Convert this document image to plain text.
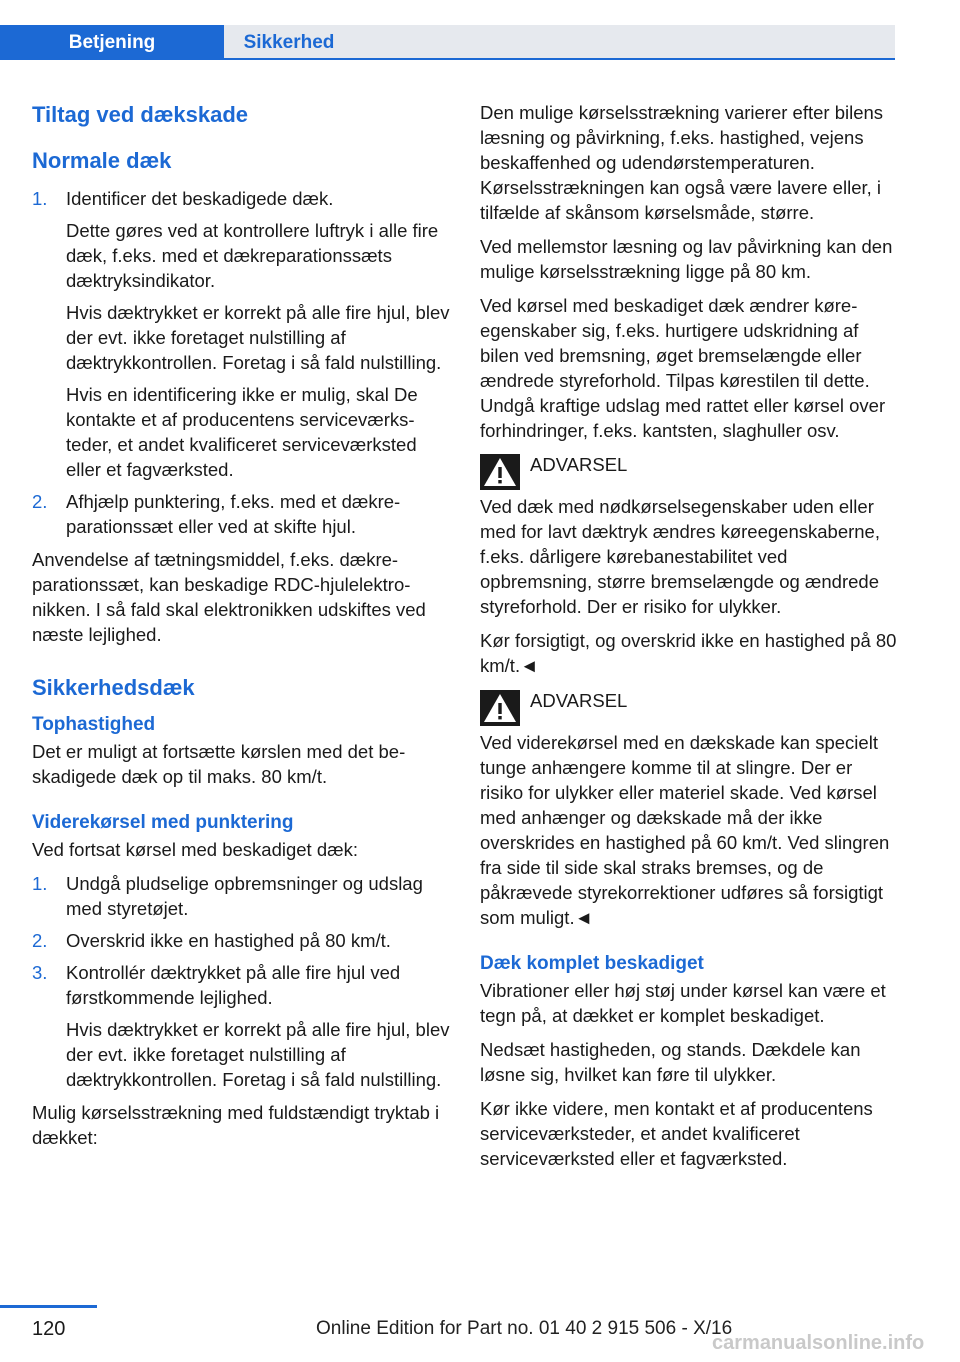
Betjening	Sikkerhed
Tiltag ved dækskade
Normale dæk
1. Identificer det beskadigede dæk.

Dette gøres ved at kontrollere luftryk i alle fire dæk, f.eks. med et dækreparationssæts dæktryksindikator.

Hvis dæktrykket er korrekt på alle fire hjul, blev der evt. ikke foretaget nulstilling af dæktrykkontrollen. Foretag i så fald nulstilling.

Hvis en identificering ikke er mulig, skal De kontakte et af producentens serviceværksteder, et andet kvalificeret serviceværksted eller et fagværksted.

2. Afhjælp punktering, f.eks. med et dækreparationssæt eller ved at skifte hjul.

Anvendelse af tætningsmiddel, f.eks. dækreparationssæt, kan beskadige RDC-hjulelektronikken. I så fald skal elektronikken udskiftes ved næste lejlighed.

Sikkerhedsdæk
Tophastighed

Det er muligt at fortsætte kørslen med det beskadigede dæk op til maks. 80 km/t.

Viderekørsel med punktering

Ved fortsat kørsel med beskadiget dæk:

1. Undgå pludselige opbremsninger og udslag med styretøjet.

2. Overskrid ikke en hastighed på 80 km/t.

3. Kontrollér dæktrykket på alle fire hjul ved førstkommende lejlighed.

Hvis dæktrykket er korrekt på alle fire hjul, blev der evt. ikke foretaget nulstilling af dæktrykkontrollen. Foretag i så fald nulstilling.

Mulig kørselsstrækning med fuldstændigt tryktab i dækket:

Den mulige kørselsstrækning varierer efter bilens læsning og påvirkning, f.eks. hastighed, vejens beskaffenhed og udendørstemperaturen. Kørselsstrækningen kan også være lavere eller, i tilfælde af skånsom kørselsmåde, større.

Ved mellemstor læsning og lav påvirkning kan den mulige kørselsstrækning ligge på 80 km.

Ved kørsel med beskadiget dæk ændrer køreegenskaber sig, f.eks. hurtigere udskridning af bilen ved bremsning, øget bremselængde eller ændrede styreforhold. Tilpas kørestilen til dette. Undgå kraftige udslag med rattet eller kørsel over forhindringer, f.eks. kantsten, slaghuller osv.

ADVARSEL

Ved dæk med nødkørselsegenskaber uden eller med for lavt dæktryk ændres køreegenskaberne, f.eks. dårligere kørebanestabilitet ved opbremsning, større bremselængde og ændrede styreforhold. Der er risiko for ulykker.

Kør forsigtigt, og overskrid ikke en hastighed på 80 km/t.◄

ADVARSEL

Ved viderekørsel med en dækskade kan specielt tunge anhængere komme til at slingre. Der er risiko for ulykker eller materiel skade. Ved kørsel med anhænger og dækskade må der ikke overskrides en hastighed på 60 km/t. Ved slingren fra side til side skal straks bremses, og de påkrævede styrekorrektioner udføres så forsigtigt som muligt.◄

Dæk komplet beskadiget

Vibrationer eller høj støj under kørsel kan være et tegn på, at dækket er komplet beskadiget.

Nedsæt hastigheden, og stands. Dækdele kan løsne sig, hvilket kan føre til ulykker.

Kør ikke videre, men kontakt et af producentens serviceværksteder, et andet kvalificeret serviceværksted eller et fagværksted.

120	Online Edition for Part no. 01 40 2 915 506 - X/16
carmanualsonline.info
